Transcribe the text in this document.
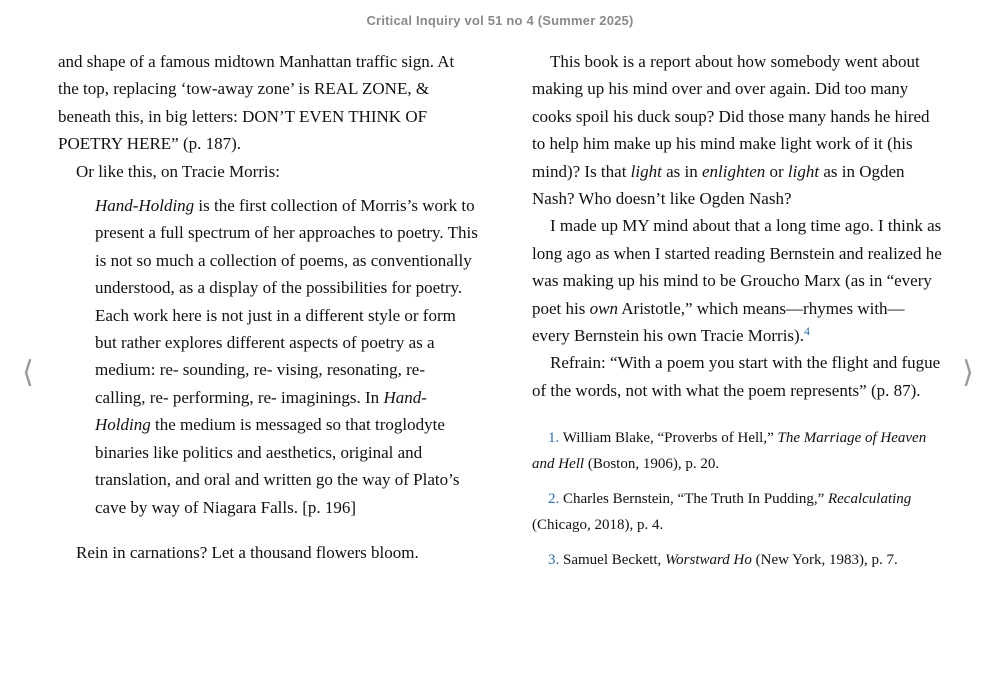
Critical Inquiry vol 51 no 4 (Summer 2025)
⟨	⟩

and shape of a famous midtown Manhattan traffic sign. At the top, replacing ‘tow-away zone’ is REAL ZONE, & beneath this, in big letters: DON’T EVEN THINK OF POETRY HERE” (p. 187).

Or like this, on Tracie Morris:

Hand-Holding is the first collection of Morris’s work to present a full spectrum of her approaches to poetry. This is not so much a collection of poems, as conventionally understood, as a display of the possibilities for poetry. Each work here is not just in a different style or form but rather explores different aspects of poetry as a medium: re- sounding, re- vising, resonating, re- calling, re- performing, re- imaginings. In Hand-Holding the medium is messaged so that troglodyte binaries like politics and aesthetics, original and translation, and oral and written go the way of Plato’s cave by way of Niagara Falls. [p. 196]

Rein in carnations? Let a thousand flowers bloom.

This book is a report about how somebody went about making up his mind over and over again. Did too many cooks spoil his duck soup? Did those many hands he hired to help him make up his mind make light work of it (his mind)? Is that light as in enlighten or light as in Ogden Nash? Who doesn’t like Ogden Nash?

I made up MY mind about that a long time ago. I think as long ago as when I started reading Bernstein and realized he was making up his mind to be Groucho Marx (as in “every poet his own Aristotle,” which means—rhymes with—every Bernstein his own Tracie Morris).$^4$

Refrain: “With a poem you start with the flight and fugue of the words, not with what the poem represents” (p. 87).

1. William Blake, “Proverbs of Hell,” The Marriage of Heaven and Hell (Boston, 1906), p. 20.

2. Charles Bernstein, “The Truth In Pudding,” Recalculating (Chicago, 2018), p. 4.

3. Samuel Beckett, Worstward Ho (New York, 1983), p. 7.
